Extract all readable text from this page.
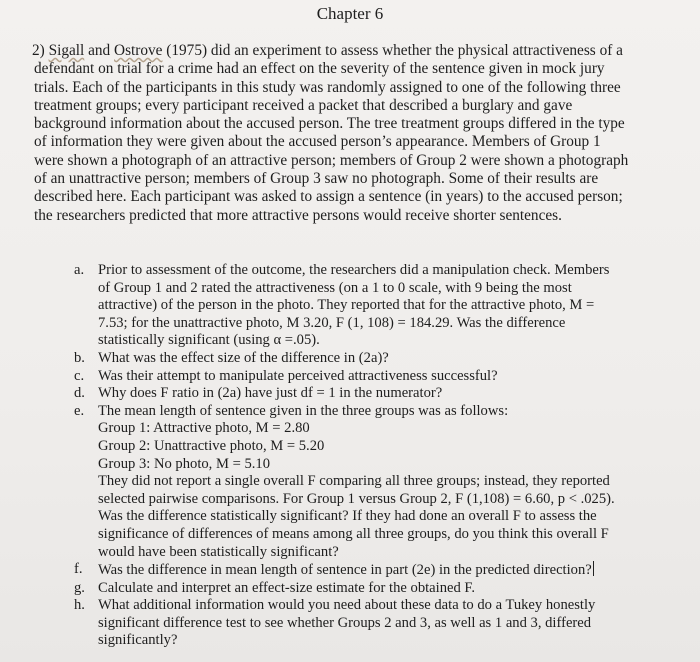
Chapter 6
2) Sigall and Ostrove (1975) did an experiment to assess whether the physical attractiveness of a
defendant on trial for a crime had an effect on the severity of the sentence given in mock jury
trials. Each of the participants in this study was randomly assigned to one of the following three
treatment groups; every participant received a packet that described a burglary and gave
background information about the accused person. The tree treatment groups differed in the type
of information they were given about the accused person’s appearance. Members of Group 1
were shown a photograph of an attractive person; members of Group 2 were shown a photograph
of an unattractive person; members of Group 3 saw no photograph. Some of their results are
described here. Each participant was asked to assign a sentence (in years) to the accused person;
the researchers predicted that more attractive persons would receive shorter sentences.
a. Prior to assessment of the outcome, the researchers did a manipulation check. Members
of Group 1 and 2 rated the attractiveness (on a 1 to 0 scale, with 9 being the most
attractive) of the person in the photo. They reported that for the attractive photo, M =
7.53; for the unattractive photo, M 3.20, F (1, 108) = 184.29. Was the difference
statistically significant (using α =.05).
b. What was the effect size of the difference in (2a)?
c. Was their attempt to manipulate perceived attractiveness successful?
d. Why does F ratio in (2a) have just df = 1 in the numerator?
e. The mean length of sentence given in the three groups was as follows:
Group 1: Attractive photo, M = 2.80
Group 2: Unattractive photo, M = 5.20
Group 3: No photo, M = 5.10
They did not report a single overall F comparing all three groups; instead, they reported
selected pairwise comparisons. For Group 1 versus Group 2, F (1,108) = 6.60, p < .025).
Was the difference statistically significant? If they had done an overall F to assess the
significance of differences of means among all three groups, do you think this overall F
would have been statistically significant?
f. Was the difference in mean length of sentence in part (2e) in the predicted direction?
g. Calculate and interpret an effect-size estimate for the obtained F.
h. What additional information would you need about these data to do a Tukey honestly
significant difference test to see whether Groups 2 and 3, as well as 1 and 3, differed
significantly?
